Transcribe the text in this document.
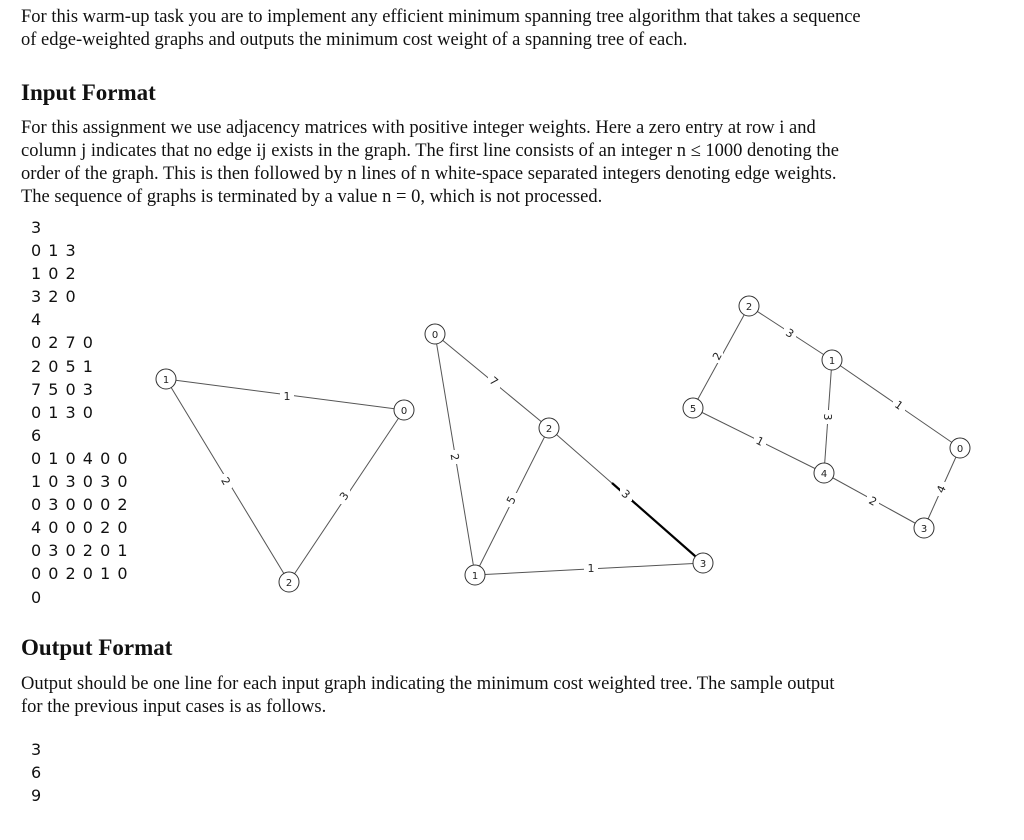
For this warm-up task you are to implement any efficient minimum spanning tree algorithm that takes a sequence
of edge-weighted graphs and outputs the minimum cost weight of a spanning tree of each.
Input Format
For this assignment we use adjacency matrices with positive integer weights. Here a zero entry at row i and
column j indicates that no edge ij exists in the graph. The first line consists of an integer n ≤ 1000 denoting the
order of the graph. This is then followed by n lines of n white-space separated integers denoting edge weights.
The sequence of graphs is terminated by a value n = 0, which is not processed.
3
0 1 3
1 0 2
3 2 0
4
0 2 7 0
2 0 5 1
7 5 0 3
0 1 3 0
6
0 1 0 4 0 0
1 0 3 0 3 0
0 3 0 0 0 2
4 0 0 0 2 0
0 3 0 2 0 1
0 0 2 0 1 0
0
1
2
3
1
0
2
7
2
5	3
1
0
2
1
3
3
2
3
1
1
2
4
2
1
5
0
4
3
Output Format
Output should be one line for each input graph indicating the minimum cost weighted tree. The sample output
for the previous input cases is as follows.
3
6
9
